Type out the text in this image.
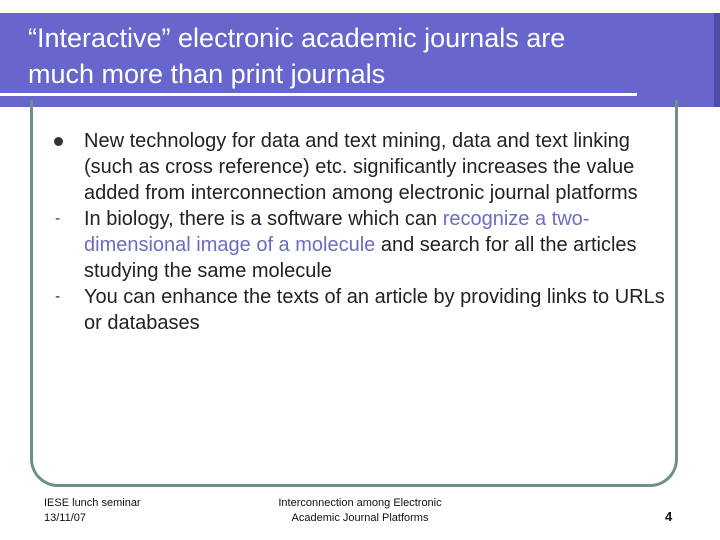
“Interactive” electronic academic journals are
much more than print journals
New technology for data and text mining, data and text linking (such as cross reference) etc. significantly increases the value added from interconnection among electronic journal platforms
- In biology, there is a software which can recognize a two-dimensional image of a molecule and search for all the articles studying the same molecule
- You can enhance the texts of an article by providing links to URLs or databases
IESE lunch seminar
13/11/07
Interconnection among Electronic
Academic Journal Platforms	4
